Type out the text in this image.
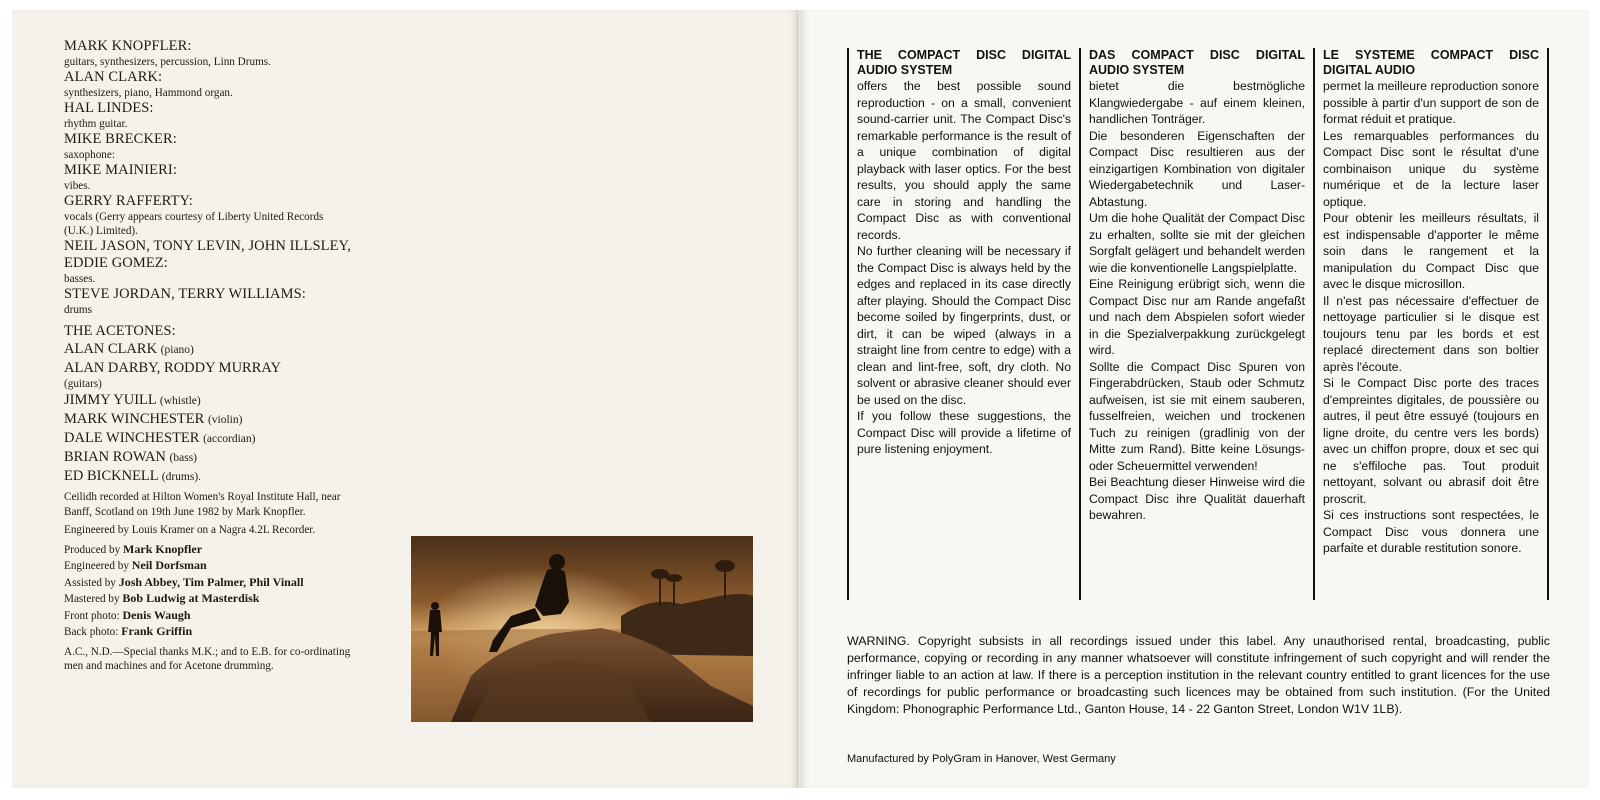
MARK KNOPFLER:
guitars, synthesizers, percussion, Linn Drums.
ALAN CLARK:
synthesizers, piano, Hammond organ.
HAL LINDES:
rhythm guitar.
MIKE BRECKER:
saxophone:
MIKE MAINIERI:
vibes.
GERRY RAFFERTY:
vocals (Gerry appears courtesy of Liberty United Records (U.K.) Limited).
NEIL JASON, TONY LEVIN, JOHN ILLSLEY, EDDIE GOMEZ:
basses.
STEVE JORDAN, TERRY WILLIAMS:
drums
THE ACETONES:
ALAN CLARK (piano)
ALAN DARBY, RODDY MURRAY
(guitars)
JIMMY YUILL (whistle)
MARK WINCHESTER (violin)
DALE WINCHESTER (accordian)
BRIAN ROWAN (bass)
ED BICKNELL (drums).

Ceilidh recorded at Hilton Women's Royal Institute Hall, near Banff, Scotland on 19th June 1982 by Mark Knopfler.

Engineered by Louis Kramer on a Nagra 4.2L Recorder.

Produced by Mark Knopfler
Engineered by Neil Dorfsman
Assisted by Josh Abbey, Tim Palmer, Phil Vinall
Mastered by Bob Ludwig at Masterdisk
Front photo: Denis Waugh
Back photo: Frank Griffin
A.C., N.D.—Special thanks M.K.; and to E.B. for co-ordinating men and machines and for Acetone drumming.
THE COMPACT DISC DIGITAL AUDIO SYSTEM

offers the best possible sound reproduction - on a small, convenient sound-carrier unit. The Compact Disc's remarkable performance is the result of a unique combination of digital playback with laser optics. For the best results, you should apply the same care in storing and handling the Compact Disc as with conventional records.

No further cleaning will be necessary if the Compact Disc is always held by the edges and replaced in its case directly after playing. Should the Compact Disc become soiled by fingerprints, dust, or dirt, it can be wiped (always in a straight line from centre to edge) with a clean and lint-free, soft, dry cloth. No solvent or abrasive cleaner should ever be used on the disc.

If you follow these suggestions, the Compact Disc will provide a lifetime of pure listening enjoyment.

DAS COMPACT DISC DIGITAL AUDIO SYSTEM

bietet die bestmögliche Klangwiedergabe - auf einem kleinen, handlichen Tonträger.

Die besonderen Eigenschaften der Compact Disc resultieren aus der einzigartigen Kombination von digitaler Wiedergabetechnik und Laser-Abtastung.

Um die hohe Qualität der Compact Disc zu erhalten, sollte sie mit der gleichen Sorgfalt gelägert und behandelt werden wie die konventionelle Langspielplatte.

Eine Reinigung erübrigt sich, wenn die Compact Disc nur am Rande angefaßt und nach dem Abspielen sofort wieder in die Spezialverpakkung zurückgelegt wird.

Sollte die Compact Disc Spuren von Fingerabdrücken, Staub oder Schmutz aufweisen, ist sie mit einem sauberen, fusselfreien, weichen und trockenen Tuch zu reinigen (gradlinig von der Mitte zum Rand). Bitte keine Lösungs- oder Scheuermittel verwenden!

Bei Beachtung dieser Hinweise wird die Compact Disc ihre Qualität dauerhaft bewahren.

LE SYSTEME COMPACT DISC DIGITAL AUDIO

permet la meilleure reproduction sonore possible à partir d'un support de son de format réduit et pratique.

Les remarquables performances du Compact Disc sont le résultat d'une combinaison unique du système numérique et de la lecture laser optique.

Pour obtenir les meilleurs résultats, il est indispensable d'apporter le même soin dans le rangement et la manipulation du Compact Disc que avec le disque microsillon.

Il n'est pas nécessaire d'effectuer de nettoyage particulier si le disque est toujours tenu par les bords et est replacé directement dans son boltier après l'écoute.

Si le Compact Disc porte des traces d'empreintes digitales, de poussière ou autres, il peut être essuyé (toujours en ligne droite, du centre vers les bords) avec un chiffon propre, doux et sec qui ne s'effiloche pas. Tout produit nettoyant, solvant ou abrasif doit être proscrit.

Si ces instructions sont respectées, le Compact Disc vous donnera une parfaite et durable restitution sonore.

WARNING. Copyright subsists in all recordings issued under this label. Any unauthorised rental, broadcasting, public performance, copying or recording in any manner whatsoever will constitute infringement of such copyright and will render the infringer liable to an action at law. If there is a perception institution in the relevant country entitled to grant licences for the use of recordings for public performance or broadcasting such licences may be obtained from such institution. (For the United Kingdom: Phonographic Performance Ltd., Ganton House, 14 - 22 Ganton Street, London W1V 1LB).
Manufactured by PolyGram in Hanover, West Germany
